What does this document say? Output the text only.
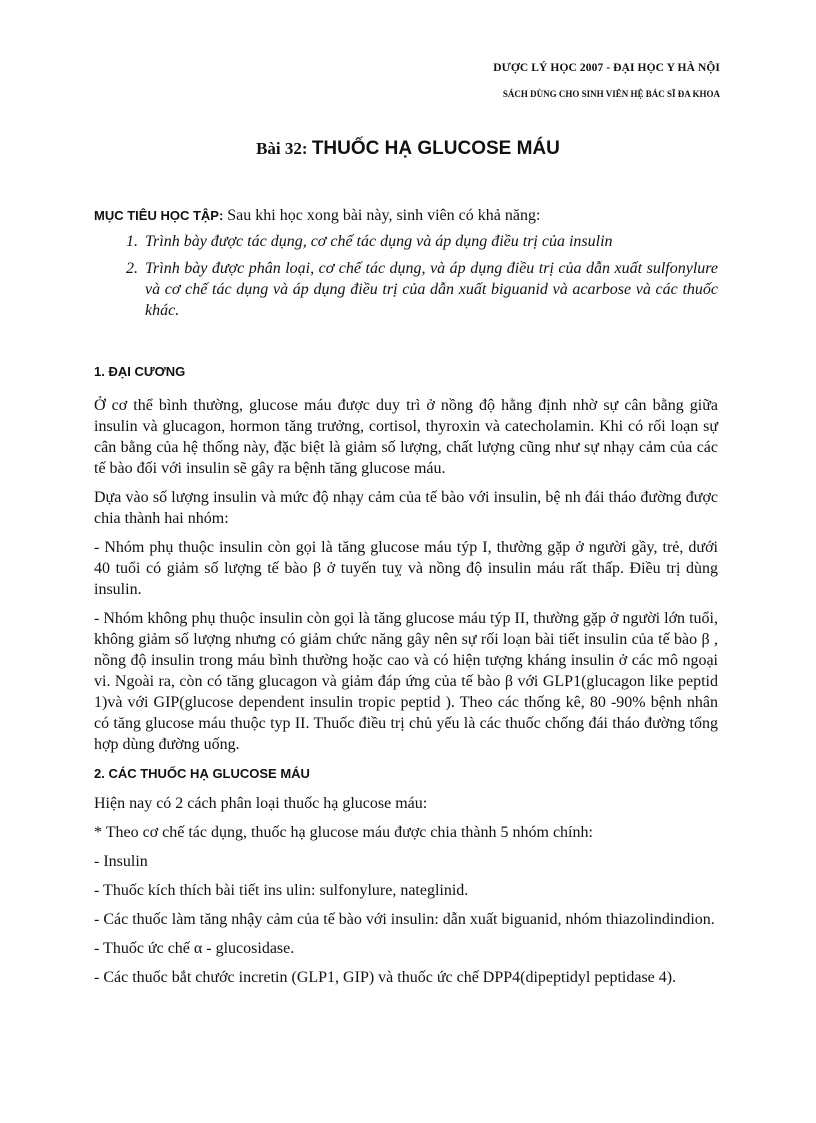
DƯỢC LÝ HỌC 2007 - ĐẠI HỌC Y HÀ NỘI
SÁCH DÙNG CHO SINH VIÊN HỆ BÁC SĨ ĐA KHOA
Bài 32: THUỐC HẠ GLUCOSE MÁU
MỤC TIÊU HỌC TẬP: Sau khi học xong bài này, sinh viên có khả năng:
1. Trình bày được tác dụng, cơ chế tác dụng và áp dụng điều trị của insulin
2. Trình bày được phân loại, cơ chế tác dụng, và áp dụng điều trị của dẫn xuất sulfonylure và cơ chế tác dụng và áp dụng điều trị của dẫn xuất biguanid và acarbose và các thuốc khác.
1. ĐẠI CƯƠNG

Ở cơ thể bình thường, glucose máu được duy trì ở nồng độ hằng định nhờ sự cân bằng giữa insulin và glucagon, hormon tăng trưởng, cortisol, thyroxin và catecholamin. Khi có rối loạn sự cân bằng của hệ thống này, đặc biệt là giảm số lượng, chất lượng cũng như sự nhạy cảm của các tế bào đối với insulin sẽ gây ra bệnh tăng glucose máu.

Dựa vào số lượng insulin và mức độ nhạy cảm của tế bào với insulin, bệ nh đái tháo đường được chia thành hai nhóm:

- Nhóm phụ thuộc insulin còn gọi là tăng glucose máu týp I, thường gặp ở người gầy, trẻ, dưới 40 tuổi có giảm số lượng tế bào β ở tuyến tuỵ và nồng độ insulin máu rất thấp. Điều trị dùng insulin.

- Nhóm không phụ thuộc insulin còn gọi là tăng glucose máu týp II, thường gặp ở người lớn tuổi, không giảm số lượng nhưng có giảm chức năng gây nên sự rối loạn bài tiết insulin của tế bào β , nồng độ insulin trong máu bình thường hoặc cao và có hiện tượng kháng insulin ở các mô ngoại vi. Ngoài ra, còn có tăng glucagon và giảm đáp ứng của tế bào β với GLP1(glucagon like peptid 1)và với GIP(glucose dependent insulin tropic peptid ). Theo các thống kê, 80 -90% bệnh nhân có tăng glucose máu thuộc typ II. Thuốc điều trị chủ yếu là các thuốc chống đái tháo đường tổng hợp dùng đường uống.

2. CÁC THUỐC HẠ GLUCOSE MÁU

Hiện nay có 2 cách phân loại thuốc hạ glucose máu:

* Theo cơ chế tác dụng, thuốc hạ glucose máu được chia thành 5 nhóm chính:

- Insulin

- Thuốc kích thích bài tiết ins ulin: sulfonylure, nateglinid.

- Các thuốc làm tăng nhậy cảm của tế bào với insulin: dẫn xuất biguanid, nhóm thiazolindindion.

- Thuốc ức chế α - glucosidase.

- Các thuốc bắt chước incretin (GLP1, GIP) và thuốc ức chế DPP4(dipeptidyl peptidase 4).
